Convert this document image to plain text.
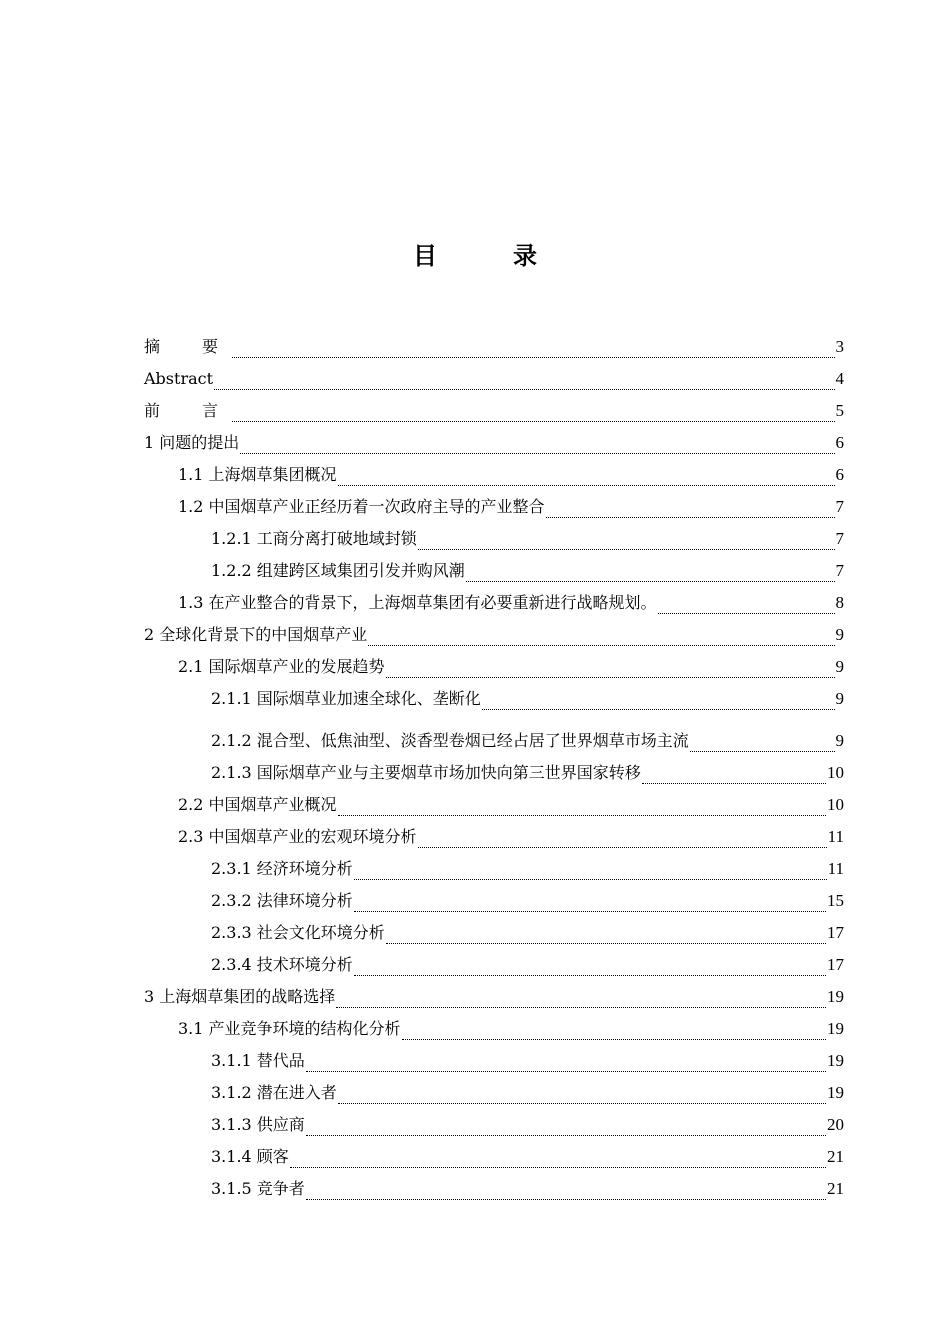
目　录
摘　要	3
Abstract	4
前　言	5
1 问题的提出	6
1.1 上海烟草集团概况	6
1.2 中国烟草产业正经历着一次政府主导的产业整合	7
1.2.1 工商分离打破地域封锁	7
1.2.2 组建跨区域集团引发并购风潮	7
1.3 在产业整合的背景下，上海烟草集团有必要重新进行战略规划。	8
2 全球化背景下的中国烟草产业	9
2.1 国际烟草产业的发展趋势	9
2.1.1 国际烟草业加速全球化、垄断化	9
2.1.2 混合型、低焦油型、淡香型卷烟已经占居了世界烟草市场主流	9
2.1.3 国际烟草产业与主要烟草市场加快向第三世界国家转移	10
2.2 中国烟草产业概况	10
2.3 中国烟草产业的宏观环境分析	11
2.3.1 经济环境分析	11
2.3.2 法律环境分析	15
2.3.3 社会文化环境分析	17
2.3.4 技术环境分析	17
3 上海烟草集团的战略选择	19
3.1 产业竞争环境的结构化分析	19
3.1.1 替代品	19
3.1.2 潜在进入者	19
3.1.3 供应商	20
3.1.4 顾客	21
3.1.5 竞争者	21
